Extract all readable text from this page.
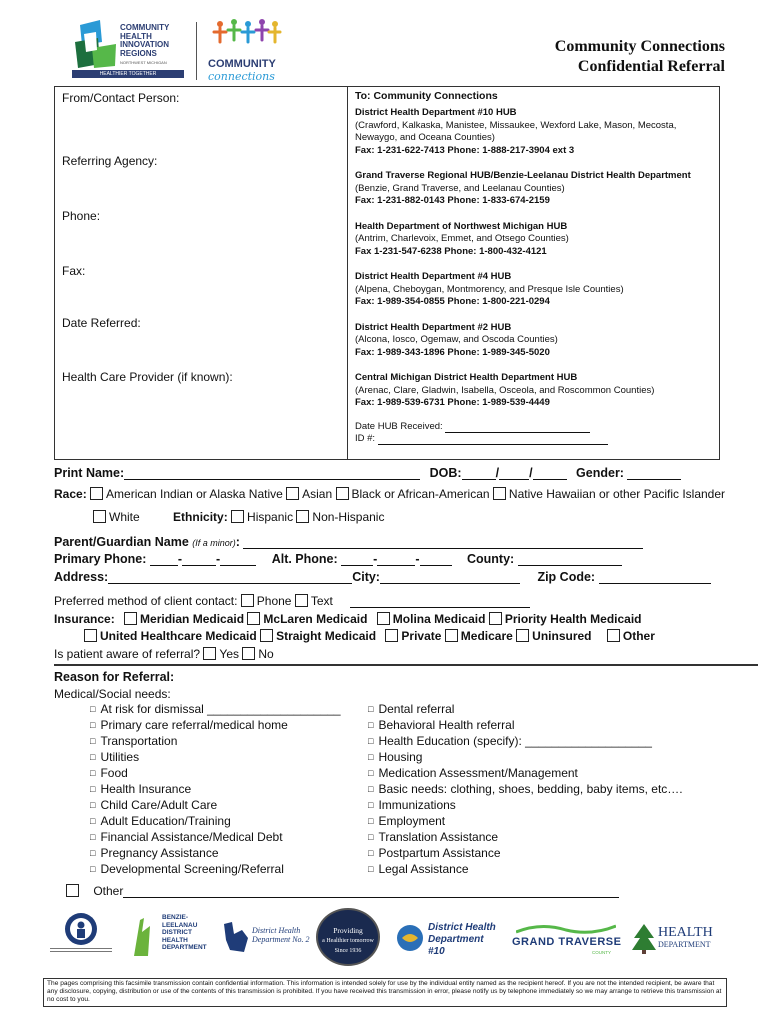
COMMUNITY
HEALTH
INNOVATION
REGIONS
NORTHWEST MICHIGAN
HEALTHIER TOGETHER
COMMUNITY
connections
Community Connections
Confidential Referral
From/Contact Person:
Referring Agency:
Phone:
Fax:
Date Referred:
Health Care Provider (if known):
To: Community Connections
District Health Department #10 HUB
(Crawford, Kalkaska, Manistee, Missaukee, Wexford Lake, Mason, Mecosta, Newaygo, and Oceana Counties)
Fax: 1-231-622-7413 Phone: 1-888-217-3904 ext 3
Grand Traverse Regional HUB/Benzie-Leelanau District Health Department
(Benzie, Grand Traverse, and Leelanau Counties)
Fax: 1-231-882-0143 Phone: 1-833-674-2159
Health Department of Northwest Michigan HUB
(Antrim, Charlevoix, Emmet, and Otsego Counties)
Fax 1-231-547-6238 Phone: 1-800-432-4121
District Health Department #4 HUB
(Alpena, Cheboygan, Montmorency, and Presque Isle Counties)
Fax: 1-989-354-0855 Phone: 1-800-221-0294
District Health Department #2 HUB
(Alcona, Iosco, Ogemaw, and Oscoda Counties)
Fax: 1-989-343-1896 Phone: 1-989-345-5020
Central Michigan District Health Department HUB
(Arenac, Clare, Gladwin, Isabella, Osceola, and Roscommon Counties)
Fax: 1-989-539-6731 Phone: 1-989-539-4449
Date HUB Received:
ID #:
Print Name:	DOB:	/ /	Gender:
Race: American Indian or Alaska Native Asian Black or African-American Native Hawaiian or other Pacific Islander
White	Ethnicity: Hispanic Non-Hispanic
Parent/Guardian Name (If a minor):
Primary Phone:	-	-	Alt. Phone:	-	-	County:
Address:	City:	Zip Code:
Preferred method of client contact: Phone Text
Insurance: Meridian Medicaid McLaren Medicaid Molina Medicaid Priority Health Medicaid
United Healthcare Medicaid Straight Medicaid Private Medicare Uninsured	Other
Is patient aware of referral? Yes No
Reason for Referral:
Medical/Social needs:
□ At risk for dismissal ____________________
□ Primary care referral/medical home
□ Transportation
□ Utilities
□ Food
□ Health Insurance
□ Child Care/Adult Care
□ Adult Education/Training
□ Financial Assistance/Medical Debt
□ Pregnancy Assistance
□ Developmental Screening/Referral
□ Dental referral
□ Behavioral Health referral
□ Health Education (specify): ___________________
□ Housing
□ Medication Assessment/Management
□ Basic needs: clothing, shoes, bedding, baby items, etc….
□ Immunizations
□ Employment
□ Translation Assistance
□ Postpartum Assistance
□ Legal Assistance
Other
BENZIE-
LEELANAU
DISTRICT
HEALTH
DEPARTMENT
District Health
Department No. 2
Providing
a Healthier tomorrow
Since 1936
District Health
Department #10
GRAND TRAVERSE
COUNTY
HEALTH
DEPARTMENT
The pages comprising this facsimile transmission contain confidential information. This information is intended solely for use by the individual entity named as the recipient hereof. If you are not the intended recipient, be aware that any disclosure, copying, distribution or use of the contents of this transmission is prohibited. If you have received this transmission in error, please notify us by telephone immediately so we may arrange to retrieve this transmission at no cost to you.
